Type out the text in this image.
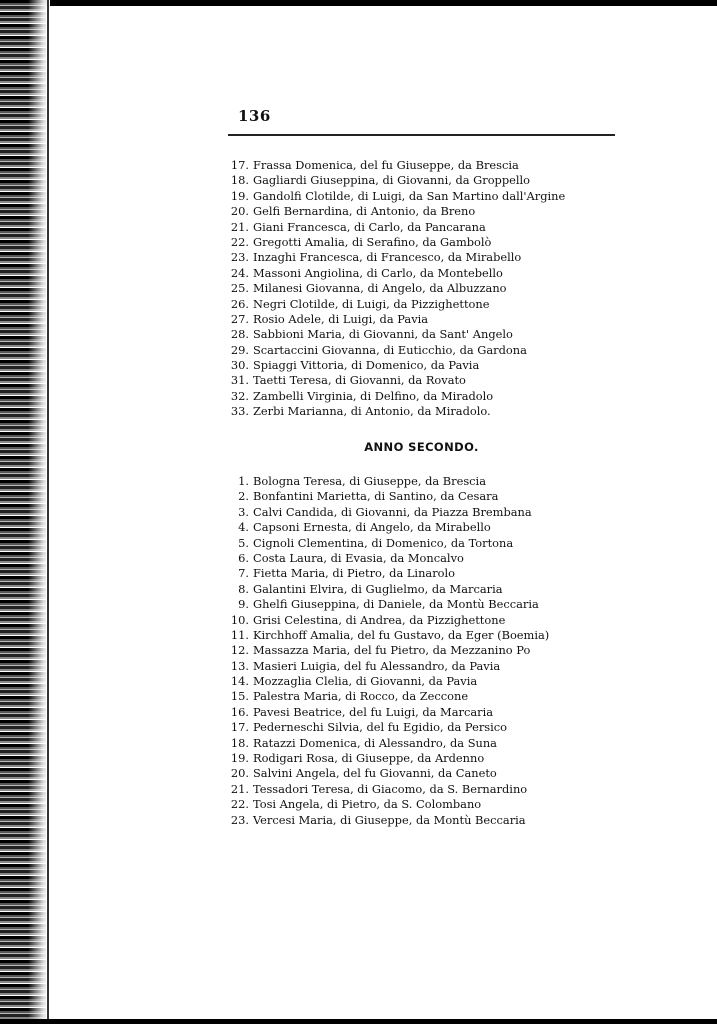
136
17. Frassa Domenica, del fu Giuseppe, da Brescia
18. Gagliardi Giuseppina, di Giovanni, da Groppello
19. Gandolfi Clotilde, di Luigi, da San Martino dall'Argine
20. Gelfi Bernardina, di Antonio, da Breno
21. Giani Francesca, di Carlo, da Pancarana
22. Gregotti Amalia, di Serafino, da Gambolò
23. Inzaghi Francesca, di Francesco, da Mirabello
24. Massoni Angiolina, di Carlo, da Montebello
25. Milanesi Giovanna, di Angelo, da Albuzzano
26. Negri Clotilde, di Luigi, da Pizzighettone
27. Rosio Adele, di Luigi, da Pavia
28. Sabbioni Maria, di Giovanni, da Sant' Angelo
29. Scartaccini Giovanna, di Euticchio, da Gardona
30. Spiaggi Vittoria, di Domenico, da Pavia
31. Taetti Teresa, di Giovanni, da Rovato
32. Zambelli Virginia, di Delfino, da Miradolo
33. Zerbi Marianna, di Antonio, da Miradolo.
ANNO SECONDO.
1. Bologna Teresa, di Giuseppe, da Brescia
2. Bonfantini Marietta, di Santino, da Cesara
3. Calvi Candida, di Giovanni, da Piazza Brembana
4. Capsoni Ernesta, di Angelo, da Mirabello
5. Cignoli Clementina, di Domenico, da Tortona
6. Costa Laura, di Evasia, da Moncalvo
7. Fietta Maria, di Pietro, da Linarolo
8. Galantini Elvira, di Guglielmo, da Marcaria
9. Ghelfi Giuseppina, di Daniele, da Montù Beccaria
10. Grisi Celestina, di Andrea, da Pizzighettone
11. Kirchhoff Amalia, del fu Gustavo, da Eger (Boemia)
12. Massazza Maria, del fu Pietro, da Mezzanino Po
13. Masieri Luigia, del fu Alessandro, da Pavia
14. Mozzaglia Clelia, di Giovanni, da Pavia
15. Palestra Maria, di Rocco, da Zeccone
16. Pavesi Beatrice, del fu Luigi, da Marcaria
17. Pederneschi Silvia, del fu Egidio, da Persico
18. Ratazzi Domenica, di Alessandro, da Suna
19. Rodigari Rosa, di Giuseppe, da Ardenno
20. Salvini Angela, del fu Giovanni, da Caneto
21. Tessadori Teresa, di Giacomo, da S. Bernardino
22. Tosi Angela, di Pietro, da S. Colombano
23. Vercesi Maria, di Giuseppe, da Montù Beccaria
